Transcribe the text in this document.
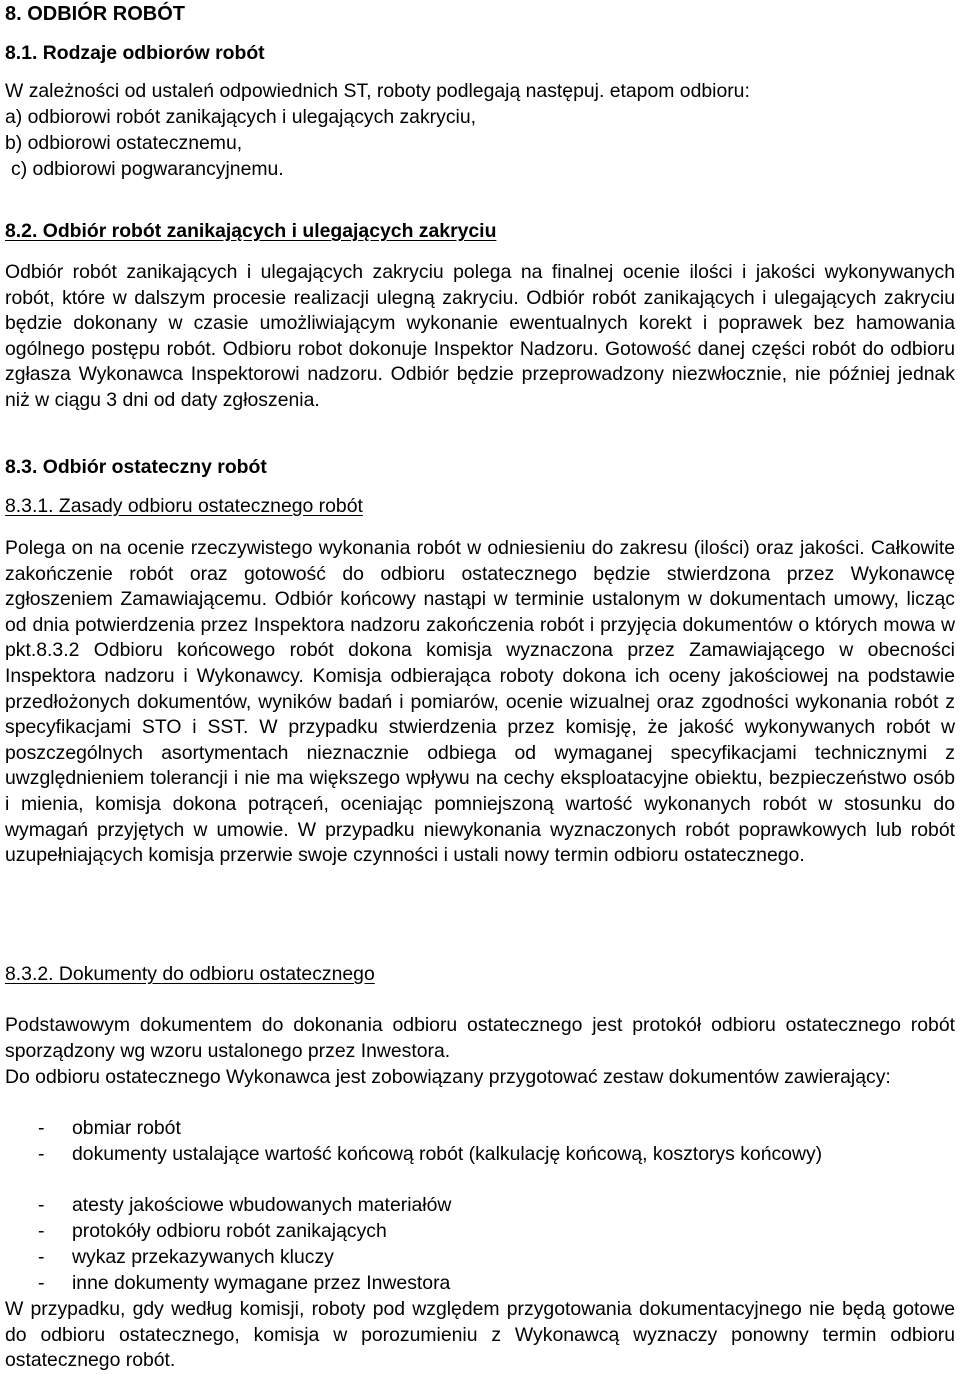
8. ODBIÓR ROBÓT
8.1. Rodzaje odbiorów robót
W zależności od ustaleń odpowiednich ST, roboty podlegają następuj. etapom odbioru:
a) odbiorowi robót zanikających i ulegających zakryciu,
b) odbiorowi ostatecznemu,
c) odbiorowi pogwarancyjnemu.
8.2. Odbiór robót zanikających i ulegających zakryciu
Odbiór robót zanikających i ulegających zakryciu polega na finalnej ocenie ilości i jakości wykonywanych robót, które w dalszym procesie realizacji ulegną zakryciu. Odbiór robót zanikających i ulegających zakryciu będzie dokonany w czasie umożliwiającym wykonanie ewentualnych korekt i poprawek bez hamowania ogólnego postępu robót. Odbioru robot dokonuje Inspektor Nadzoru. Gotowość danej części robót do odbioru zgłasza Wykonawca Inspektorowi nadzoru. Odbiór będzie przeprowadzony niezwłocznie, nie później jednak niż w ciągu 3 dni od daty zgłoszenia.
8.3. Odbiór ostateczny robót
8.3.1. Zasady odbioru ostatecznego robót
Polega on na ocenie rzeczywistego wykonania robót w odniesieniu do zakresu (ilości) oraz jakości. Całkowite zakończenie robót oraz gotowość do odbioru ostatecznego będzie stwierdzona przez Wykonawcę zgłoszeniem Zamawiającemu. Odbiór końcowy nastąpi w terminie ustalonym w dokumentach umowy, licząc od dnia potwierdzenia przez Inspektora nadzoru zakończenia robót i przyjęcia dokumentów o których mowa w pkt.8.3.2 Odbioru końcowego robót dokona komisja wyznaczona przez Zamawiającego w obecności Inspektora nadzoru i Wykonawcy. Komisja odbierająca roboty dokona ich oceny jakościowej na podstawie przedłożonych dokumentów, wyników badań i pomiarów, ocenie wizualnej oraz zgodności wykonania robót z specyfikacjami STO i SST. W przypadku stwierdzenia przez komisję, że jakość wykonywanych robót w poszczególnych asortymentach nieznacznie odbiega od wymaganej specyfikacjami technicznymi z uwzględnieniem tolerancji i nie ma większego wpływu na cechy eksploatacyjne obiektu, bezpieczeństwo osób i mienia, komisja dokona potrąceń, oceniając pomniejszoną wartość wykonanych robót w stosunku do wymagań przyjętych w umowie. W przypadku niewykonania wyznaczonych robót poprawkowych lub robót uzupełniających komisja przerwie swoje czynności i ustali nowy termin odbioru ostatecznego.
8.3.2. Dokumenty do odbioru ostatecznego
Podstawowym dokumentem do dokonania odbioru ostatecznego jest protokół odbioru ostatecznego robót sporządzony wg wzoru ustalonego przez Inwestora.
Do odbioru ostatecznego Wykonawca jest zobowiązany przygotować zestaw dokumentów zawierający:
- obmiar robót
- dokumenty ustalające wartość końcową robót (kalkulację końcową, kosztorys końcowy)
- atesty jakościowe wbudowanych materiałów
- protokóły odbioru robót zanikających
- wykaz przekazywanych kluczy
- inne dokumenty wymagane przez Inwestora
W przypadku, gdy według komisji, roboty pod względem przygotowania dokumentacyjnego nie będą gotowe do odbioru ostatecznego, komisja w porozumieniu z Wykonawcą wyznaczy ponowny termin odbioru ostatecznego robót.
